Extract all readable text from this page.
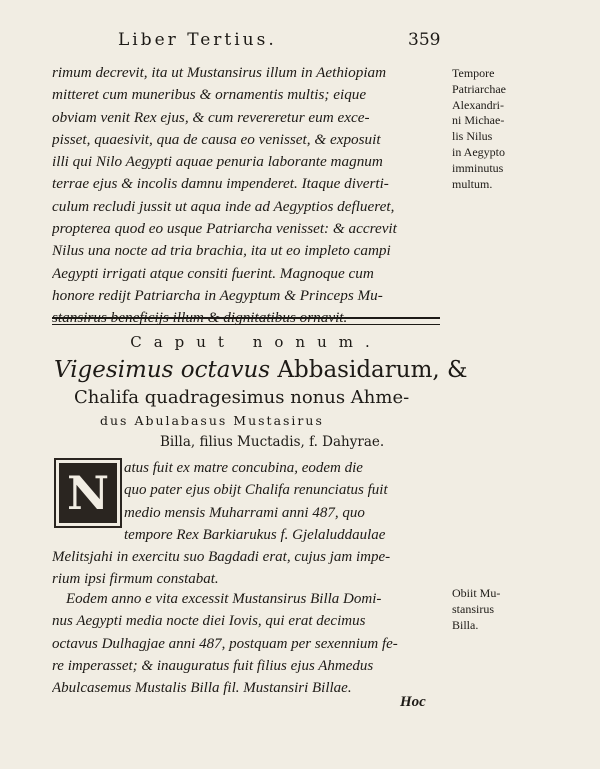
Liber Tertius.	359
rimum decrevit, ita ut Mustansirus illum in Aethiopiam
mitteret cum muneribus & ornamentis multis; eique
obviam venit Rex ejus, & cum revereretur eum exce-
pisset, quaesivit, qua de causa eo venisset, & exposuit
illi qui Nilo Aegypti aquae penuria laborante magnum
terrae ejus & incolis damnu impenderet. Itaque diverti-
culum recludi jussit ut aqua inde ad Aegyptios deflueret,
propterea quod eo usque Patriarcha venisset: & accrevit
Nilus una nocte ad tria brachia, ita ut eo impleto campi
Aegypti irrigati atque consiti fuerint. Magnoque cum
honore redijt Patriarcha in Aegyptum & Princeps Mu-
stansirus beneficijs illum & dignitatibus ornavit.
Tempore
Patriarchae
Alexandri-
ni Michae-
lis Nilus
in Aegypto
imminutus
multum.
Caput nonum.
Vigesimus octavus Abbasidarum, &
Chalifa quadragesimus nonus Ahme-
dus Abulabasus Mustasirus
Billa, filius Muctadis, f. Dahyrae.
N atus fuit ex matre concubina, eodem die
quo pater ejus obijt Chalifa renunciatus fuit
medio mensis Muharrami anni 487, quo
tempore Rex Barkiarukus f. Gjelaluddaulae
Melitsjahi in exercitu suo Bagdadi erat, cujus jam impe-
rium ipsi firmum constabat.
Eodem anno e vita excessit Mustansirus Billa Domi-
nus Aegypti media nocte diei Iovis, qui erat decimus
octavus Dulhagjae anni 487, postquam per sexennium fe-
re imperasset; & inauguratus fuit filius ejus Ahmedus
Abulcasemus Mustalis Billa fil. Mustansiri Billae.
Obiit Mu-
stansirus
Billa.
Hoc
